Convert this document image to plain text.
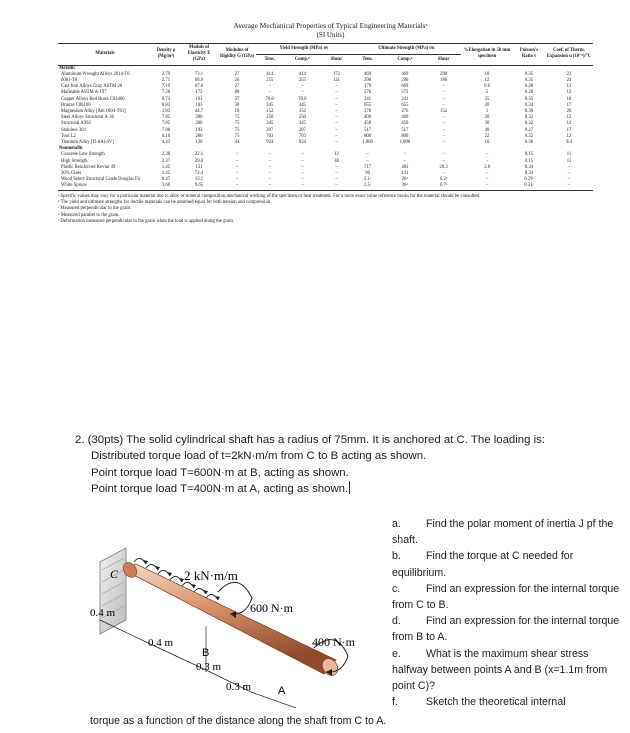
Average Mechanical Properties of Typical Engineering Materialsᵃ
(SI Units)
Materials	Density ρ (Mg/m³)	Moduls of Elasticity E (GPa)	Modulus of Rigidity G (GPa)	Yield Strength (MPa) σy			Ultimate Strength (MPa) σu			%Elongation in 50 mm specimen	Poisson's Ratio ν	Coef. of Therm. Expansion α (10⁻⁶)/°C
				Tens.	Comp.ᵇ	Shear	Tens.	Comp.ᵇ	Shear			
Metallic												
Aluminum Wrought Alloys 2014-T6	2.79	73.1	27	414	414	172	469	469	290	10	0.35	23
6061-T6	2.71	68.9	26	255	255	131	290	290	186	12	0.35	24
Cast Iron Alloys Gray ASTM 20	7.19	67.0	27	–	–	–	179	669	–	0.6	0.28	12
Malleable ASTM A-197	7.28	172	68	–	–	–	276	572	–	5	0.28	12
Copper Alloys Red Brass C83400	8.74	101	37	70.0	70.0	–	241	241	–	35	0.35	18
Bronze C86100	8.83	103	38	345	345	–	655	655	–	20	0.34	17
Magnesium Alloy [Am 1004-T61]	1.83	44.7	18	152	152	–	276	276	152	1	0.30	26
Steel Alloys Structural A-36	7.85	200	75	250	250	–	400	400	–	30	0.32	12
Structural A992	7.85	200	75	345	345	–	450	450	–	30	0.32	12
Stainless 304	7.86	193	75	207	207	–	517	517	–	40	0.27	17
Tool L2	8.16	200	75	703	703	–	800	800	–	22	0.32	12
Titanium Alloy [Ti-6Al-4V]	4.43	120	44	924	924	–	1,000	1,000	–	16	0.36	9.4
Nonmetallic												
Concrete Low Strength	2.38	22.1	–	–	–	12	–	–	–	–	0.15	11
High Strength	2.37	29.0	–	–	–	38	–	–	–	–	0.15	11
Plastic Reinforced Kevlar 49	1.45	131	–	–	–	–	717	483	20.3	2.8	0.34	–
30% Glass	1.45	72.4	–	–	–	–	90	131	–	–	0.34	–
Wood Select Structural Grade Douglas Fir	0.47	13.1	–	–	–	–	2.1ᶜ	26ᵈ	6.2ᵈ	–	0.29ᶜ	–
White Spruce	3.60	9.65	–	–	–	–	2.5ᶜ	36ᵈ	6.7ᵈ	–	0.31ᶜ	–
ᵃ Specific values may vary for a particular material due to alloy or mineral composition,mechanical working of the specimen,or heat treatment. For a more exact value reference books for the material should be consulted.
ᵇ The yield and ultimate strengths for ductile materials can be assumed equal for both tension and compression.
ᶜ Measured perpendicular to the grain.
ᵈ Measured parallel to the grain.
ᵉ Deformation measured perpendicular to the grain when the load is applied along the grain.
2. (30pts) The solid cylindrical shaft has a radius of 75mm. It is anchored at C. The loading is:
Distributed torque load of t=2kN·m/m from C to B acting as shown.
Point torque load T=600N·m at B, acting as shown.
Point torque load T=400N·m at A, acting as shown.
C	2 kN·m/m
600 N·m
400 N·m
B
A
0.4 m
0.4 m
0.3 m
0.3 m

a. Find the polar moment of inertia J pf the shaft.

b. Find the torque at C needed for equilibrium.

c. Find an expression for the internal torque from C to B.

d. Find an expression for the internal torque from B to A.

e. What is the maximum shear stress halfway between points A and B (x=1.1m from point C)?

f.	Sketch the theoretical internal

torque as a function of the distance along the shaft from C to A.
